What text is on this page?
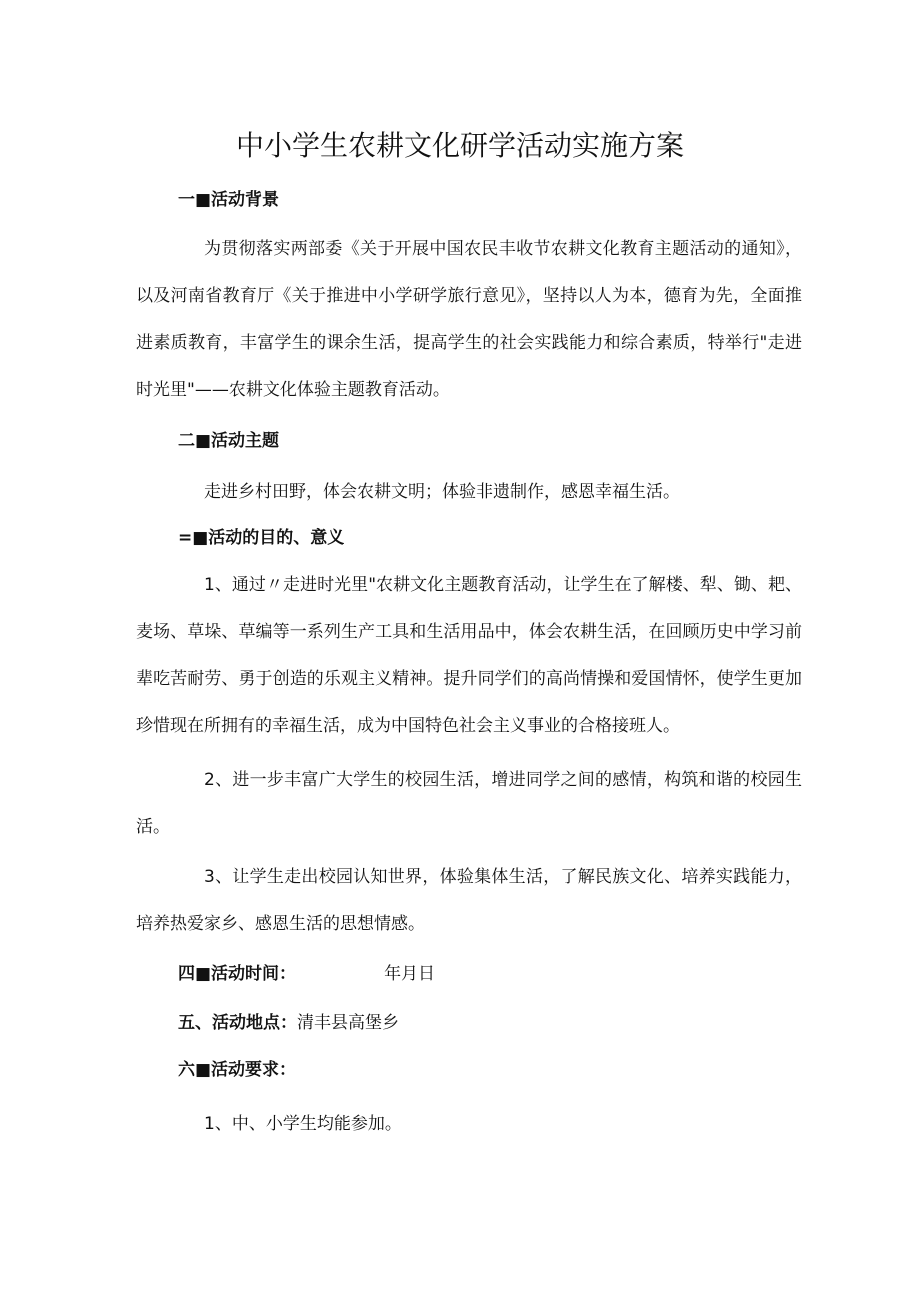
中小学生农耕文化研学活动实施方案
一■活动背景
为贯彻落实两部委《关于开展中国农民丰收节农耕文化教育主题活动的通知》，以及河南省教育厅《关于推进中小学研学旅行意见》，坚持以人为本，德育为先，全面推进素质教育，丰富学生的课余生活，提高学生的社会实践能力和综合素质，特举行"走进时光里"——农耕文化体验主题教育活动。
二■活动主题
走进乡村田野，体会农耕文明；体验非遗制作，感恩幸福生活。
=■活动的目的、意义
1、通过〃走进时光里"农耕文化主题教育活动，让学生在了解楼、犁、锄、耙、麦场、草垛、草编等一系列生产工具和生活用品中，体会农耕生活，在回顾历史中学习前辈吃苦耐劳、勇于创造的乐观主义精神。提升同学们的高尚情操和爱国情怀，使学生更加珍惜现在所拥有的幸福生活，成为中国特色社会主义事业的合格接班人。
2、进一步丰富广大学生的校园生活，增进同学之间的感情，构筑和谐的校园生活。
3、让学生走出校园认知世界，体验集体生活，了解民族文化、培养实践能力，培养热爱家乡、感恩生活的思想情感。
四■活动时间：	年月日
五、活动地点：清丰县高堡乡
六■活动要求：
1、中、小学生均能参加。
